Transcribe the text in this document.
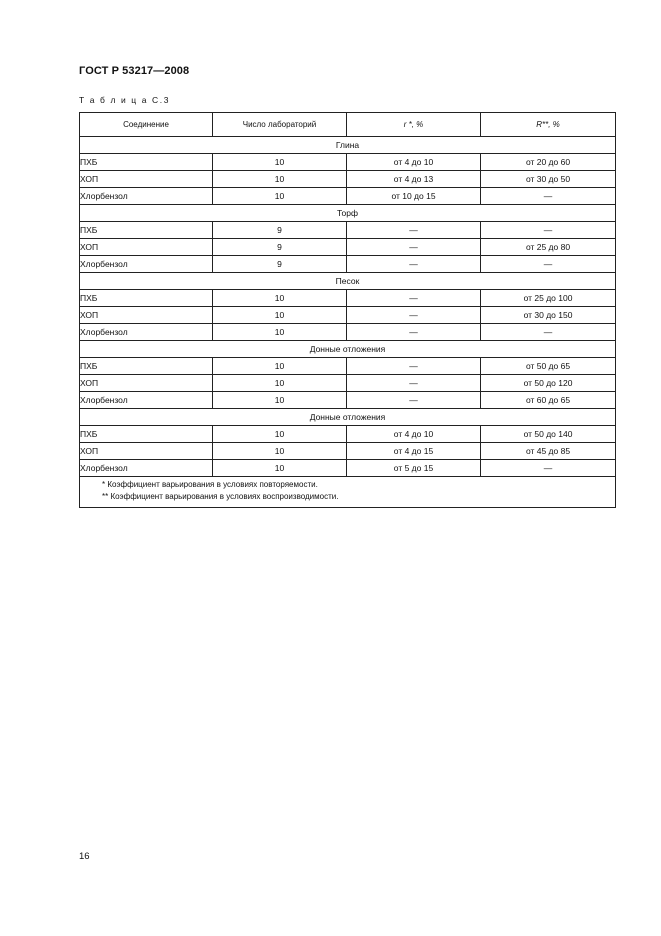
ГОСТ Р 53217—2008
Т а б л и ц а С.3
Соединение	Число лабораторий	r *, %	R**, %
Глина			
ПХБ	10	от 4 до 10	от 20 до 60
ХОП	10	от 4 до 13	от 30 до 50
Хлорбензол	10	от 10 до 15	—
Торф			
ПХБ	9	—	—
ХОП	9	—	от 25 до 80
Хлорбензол	9	—	—
Песок			
ПХБ	10	—	от 25 до 100
ХОП	10	—	от 30 до 150
Хлорбензол	10	—	—
Донные отложения			
ПХБ	10	—	от 50 до 65
ХОП	10	—	от 50 до 120
Хлорбензол	10	—	от 60 до 65
Донные отложения			
ПХБ	10	от 4 до 10	от 50 до 140
ХОП	10	от 4 до 15	от 45 до 85
Хлорбензол	10	от 5 до 15	—

* Коэффициент варьирования в условиях повторяемости.
** Коэффициент варьирования в условиях воспроизводимости.			
16
